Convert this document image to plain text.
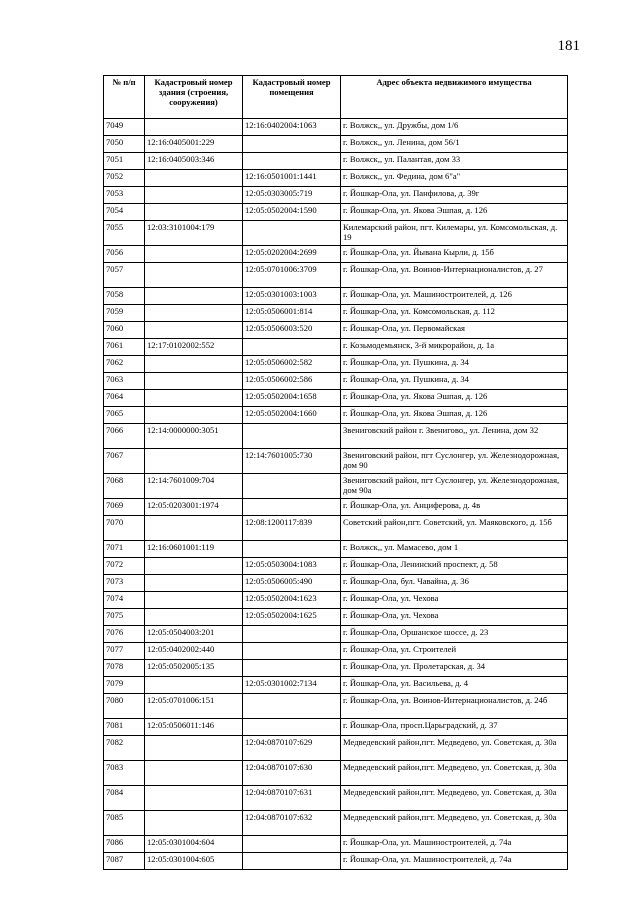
181
№ п/п	Кадастровый номер здания (строения, сооружения)	Кадастровый номер помещения	Адрес объекта недвижимого имущества
7049		12:16:0402004:1063	г. Волжск,, ул. Дружбы, дом 1/6
7050	12:16:0405001:229		г. Волжск,, ул. Ленина, дом 56/1
7051	12:16:0405003:346		г. Волжск,, ул. Палантая, дом 33
7052		12:16:0501001:1441	г. Волжск,, ул. Федина, дом 6"а"
7053		12:05:0303005:719	г. Йошкар-Ола, ул. Панфилова, д. 39г
7054		12:05:0502004:1590	г. Йошкар-Ола, ул. Якова Эшпая, д. 126
7055	12:03:3101004:179		Килемарский район, пгт. Килемары, ул. Комсомольская, д. 19
7056		12:05:0202004:2699	г. Йошкар-Ола, ул. Йывана Кырли, д. 15б
7057		12:05:0701006:3709	г. Йошкар-Ола, ул. Воинов-Интернационалистов, д. 27
7058		12:05:0301003:1003	г. Йошкар-Ола, ул. Машиностроителей, д. 126
7059		12:05:0506001:814	г. Йошкар-Ола, ул. Комсомольская, д. 112
7060		12:05:0506003:520	г. Йошкар-Ола, ул. Первомайская
7061	12:17:0102002:552		г. Козьмодемьянск, 3-й микрорайон, д. 1а
7062		12:05:0506002:582	г. Йошкар-Ола, ул. Пушкина, д. 34
7063		12:05:0506002:586	г. Йошкар-Ола, ул. Пушкина, д. 34
7064		12:05:0502004:1658	г. Йошкар-Ола, ул. Якова Эшпая, д. 126
7065		12:05:0502004:1660	г. Йошкар-Ола, ул. Якова Эшпая, д. 126
7066	12:14:0000000:3051		Звениговский район г. Звенигово,, ул. Ленина, дом 32
7067		12:14:7601005:730	Звениговский район, пгт Суслонгер, ул. Железнодорожная, дом 90
7068	12:14:7601009:704		Звениговский район, пгт Суслонгер, ул. Железнодорожная, дом 90а
7069	12:05:0203001:1974		г. Йошкар-Ола, ул. Анциферова, д. 4в
7070		12:08:1200117:839	Советский район,пгт. Советский, ул. Маяковского, д. 15б
7071	12:16:0601001:119		г. Волжск,, ул. Мамасево, дом 1
7072		12:05:0503004:1083	г. Йошкар-Ола, Ленинский проспект, д. 58
7073		12:05:0506005:490	г. Йошкар-Ола, бул. Чавайна, д. 36
7074		12:05:0502004:1623	г. Йошкар-Ола, ул. Чехова
7075		12:05:0502004:1625	г. Йошкар-Ола, ул. Чехова
7076	12:05:0504003:201		г. Йошкар-Ола, Оршанское шоссе, д. 23
7077	12:05:0402002:440		г. Йошкар-Ола, ул. Строителей
7078	12:05:0502005:135		г. Йошкар-Ола, ул. Пролетарская, д. 34
7079		12:05:0301002:7134	г. Йошкар-Ола, ул. Васильева, д. 4
7080	12:05:0701006:151		г. Йошкар-Ола, ул. Воинов-Интернационалистов, д. 24б
7081	12:05:0506011:146		г. Йошкар-Ола, просп.Царьградский, д. 37
7082		12:04:0870107:629	Медведевский район,пгт. Медведево, ул. Советская, д. 30а
7083		12:04:0870107:630	Медведевский район,пгт. Медведево, ул. Советская, д. 30а
7084		12:04:0870107:631	Медведевский район,пгт. Медведево, ул. Советская, д. 30а
7085		12:04:0870107:632	Медведевский район,пгт. Медведево, ул. Советская, д. 30а
7086	12:05:0301004:604		г. Йошкар-Ола, ул. Машиностроителей, д. 74а
7087	12:05:0301004:605		г. Йошкар-Ола, ул. Машиностроителей, д. 74а
